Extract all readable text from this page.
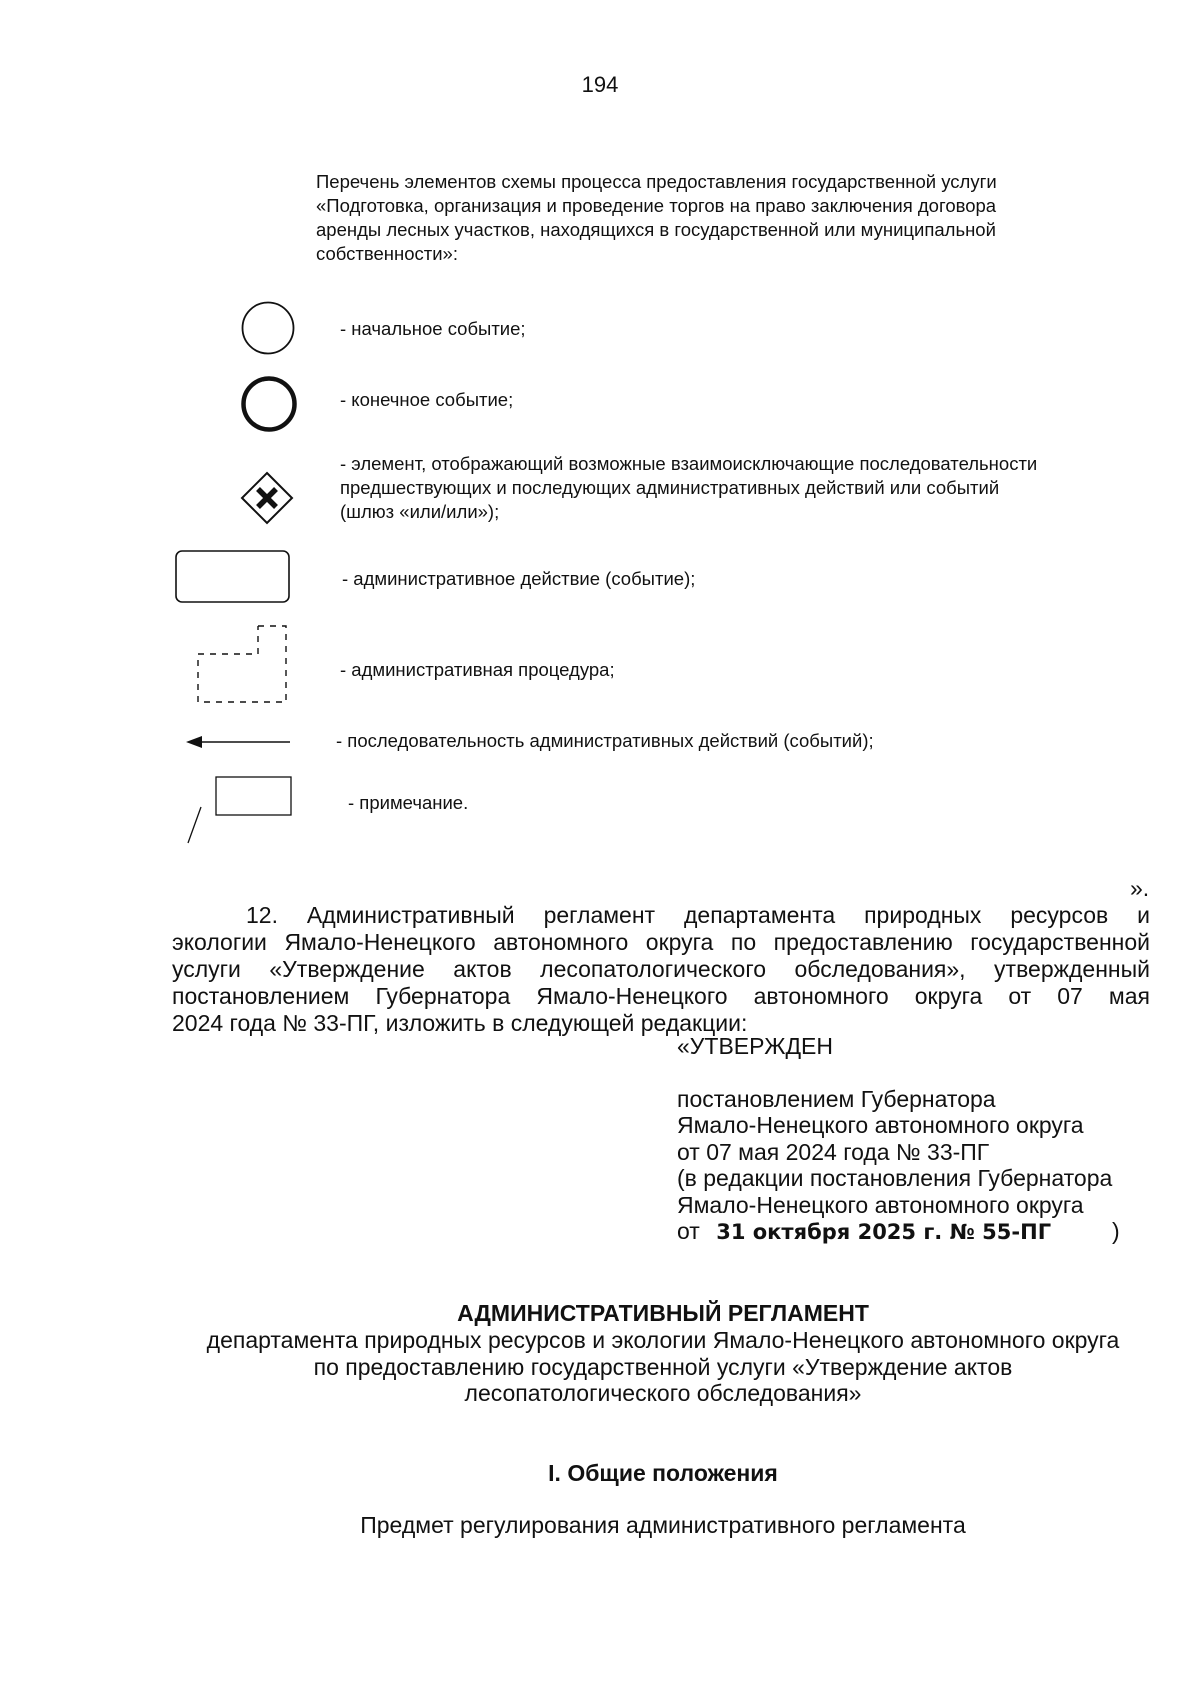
194
Перечень элементов схемы процесса предоставления государственной услуги
«Подготовка, организация и проведение торгов на право заключения договора
аренды лесных участков, находящихся в государственной или муниципальной
собственности»:
- начальное событие;
- конечное событие;
- элемент, отображающий возможные взаимоисключающие последовательности
предшествующих и последующих административных действий или событий
(шлюз «или/или»);
- административное действие (событие);
- административная процедура;
- последовательность административных действий (событий);
- примечание.
».
12. Административный регламент департамента природных ресурсов и
экологии Ямало-Ненецкого автономного округа по предоставлению государственной
услуги «Утверждение актов лесопатологического обследования», утвержденный
постановлением Губернатора Ямало-Ненецкого автономного округа от 07 мая
2024 года № 33-ПГ, изложить в следующей редакции:
«УТВЕРЖДЕН
постановлением Губернатора
Ямало-Ненецкого автономного округа
от 07 мая 2024 года № 33-ПГ
(в редакции постановления Губернатора
Ямало-Ненецкого автономного округа
от 31 октября 2025 г. № 55-ПГ	)
АДМИНИСТРАТИВНЫЙ РЕГЛАМЕНТ
департамента природных ресурсов и экологии Ямало-Ненецкого автономного округа
по предоставлению государственной услуги «Утверждение актов
лесопатологического обследования»
I. Общие положения
Предмет регулирования административного регламента
